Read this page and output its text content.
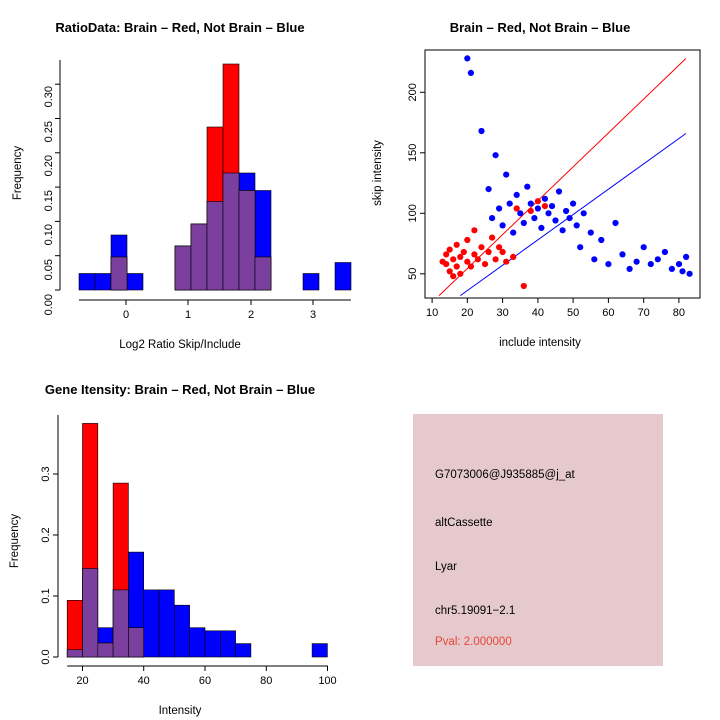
RatioData: Brain – Red, Not Brain – Blue
0.00
0.05
0.10
0.15
0.20
0.25
0.30
0	1	2	3
Log2 Ratio Skip/Include
Frequency
Brain – Red, Not Brain – Blue
50
100
150
200
10 20 30 40 50 60 70 80
include intensity
skip intensity
Gene Itensity: Brain – Red, Not Brain – Blue
0.0
0.1
0.2
0.3
20	40	60	80	100
Intensity
Frequency
G7073006@J935885@j_at
altCassette
Lyar
chr5.19091−2.1
Pval: 2.000000
